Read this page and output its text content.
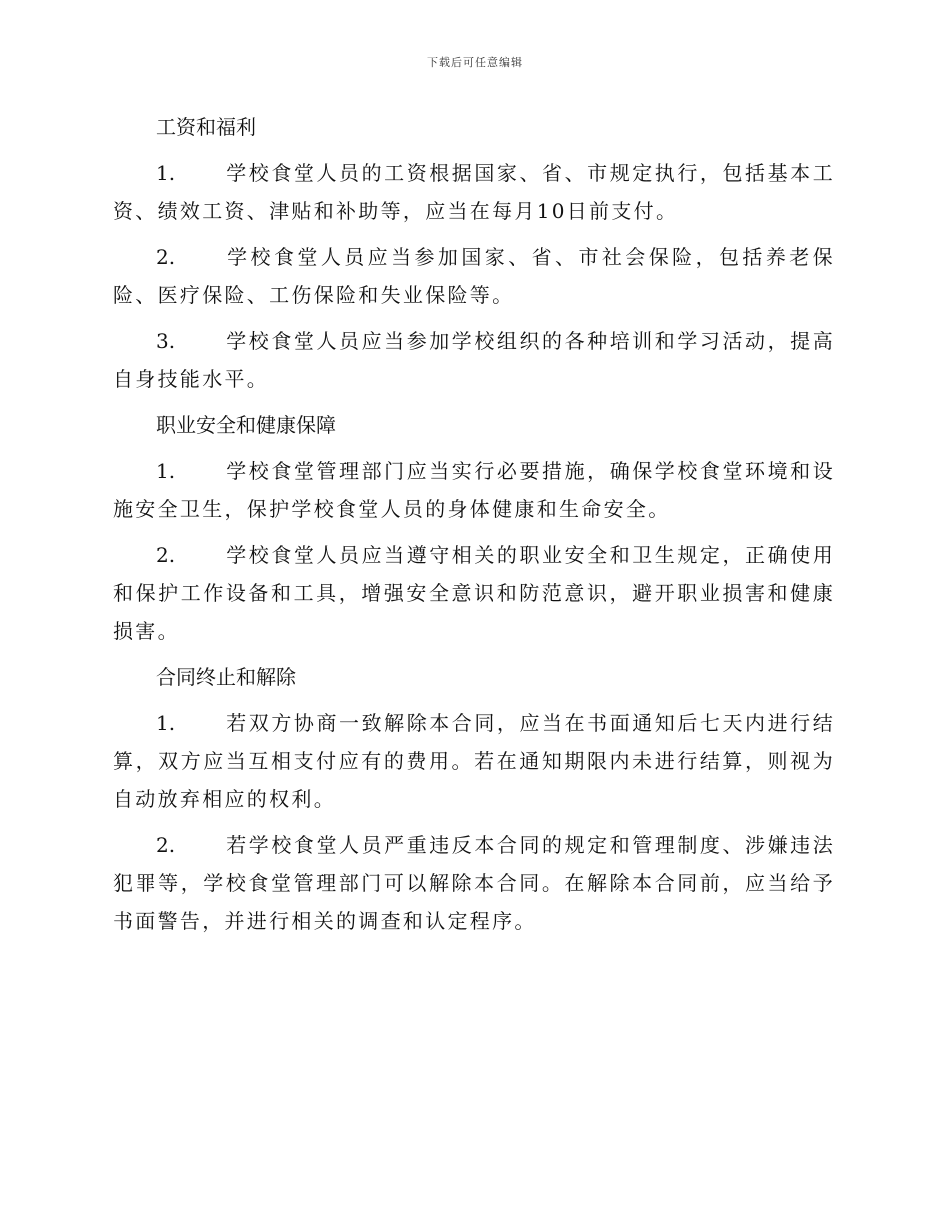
下载后可任意编辑
工资和福利

1.	学校食堂人员的工资根据国家、省、市规定执行，包括基本工资、绩效工资、津贴和补助等，应当在每月10日前支付。

2.	学校食堂人员应当参加国家、省、市社会保险，包括养老保险、医疗保险、工伤保险和失业保险等。

3.	学校食堂人员应当参加学校组织的各种培训和学习活动，提高自身技能水平。

职业安全和健康保障

1.	学校食堂管理部门应当实行必要措施，确保学校食堂环境和设施安全卫生，保护学校食堂人员的身体健康和生命安全。

2.	学校食堂人员应当遵守相关的职业安全和卫生规定，正确使用和保护工作设备和工具，增强安全意识和防范意识，避开职业损害和健康损害。

合同终止和解除

1.	若双方协商一致解除本合同，应当在书面通知后七天内进行结算，双方应当互相支付应有的费用。若在通知期限内未进行结算，则视为自动放弃相应的权利。

2.	若学校食堂人员严重违反本合同的规定和管理制度、涉嫌违法犯罪等，学校食堂管理部门可以解除本合同。在解除本合同前，应当给予书面警告，并进行相关的调查和认定程序。
